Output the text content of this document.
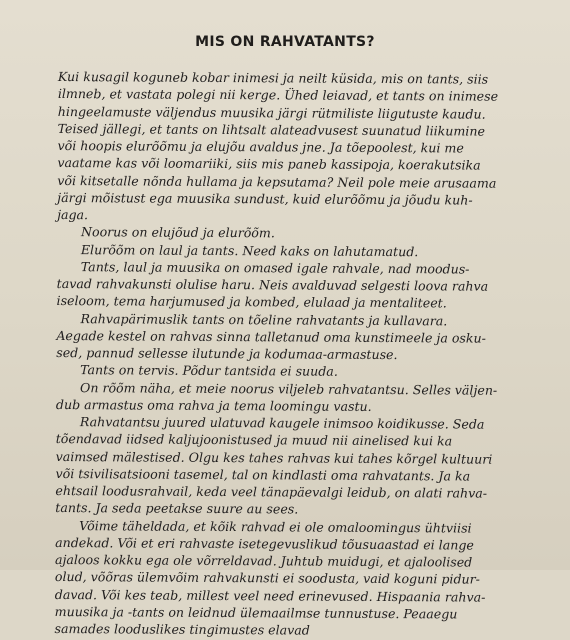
MIS ON RAHVATANTS?
Kui kusagil koguneb kobar inimesi ja neilt küsida, mis on tants, siis
ilmneb, et vastata polegi nii kerge. Ühed leiavad, et tants on inimese
hingeelamuste väljendus muusika järgi rütmiliste liigutuste kaudu.
Teised jällegi, et tants on lihtsalt alateadvusest suunatud liikumine
või hoopis elurõõmu ja elujõu avaldus jne. Ja tõepoolest, kui me
vaatame kas või loomariiki, siis mis paneb kassipoja, koerakutsika
või kitsetalle nõnda hullama ja kepsutama? Neil pole meie arusaama
järgi mõistust ega muusika sundust, kuid elurõõmu ja jõudu kuh-
jaga.
Noorus on elujõud ja elurõõm.
Elurõõm on laul ja tants. Need kaks on lahutamatud.
Tants, laul ja muusika on omased igale rahvale, nad moodus-
tavad rahvakunsti olulise haru. Neis avalduvad selgesti loova rahva
iseloom, tema harjumused ja kombed, elulaad ja mentaliteet.
Rahvapärimuslik tants on tõeline rahvatants ja kullavara.
Aegade kestel on rahvas sinna talletanud oma kunstimeele ja osku-
sed, pannud sellesse ilutunde ja kodumaa-armastuse.
Tants on tervis. Põdur tantsida ei suuda.
On rõõm näha, et meie noorus viljeleb rahvatantsu. Selles väljen-
dub armastus oma rahva ja tema loomingu vastu.
Rahvatantsu juured ulatuvad kaugele inimsoo koidikusse. Seda
tõendavad iidsed kaljujoonistused ja muud nii ainelised kui ka
vaimsed mälestised. Olgu kes tahes rahvas kui tahes kõrgel kultuuri
või tsivilisatsiooni tasemel, tal on kindlasti oma rahvatants. Ja ka
ehtsail loodusrahvail, keda veel tänapäevalgi leidub, on alati rahva-
tants. Ja seda peetakse suure au sees.
Võime täheldada, et kõik rahvad ei ole omaloomingus ühtviisi
andekad. Või et eri rahvaste isetegevuslikud tõusuaastad ei lange
ajaloos kokku ega ole võrreldavad. Juhtub muidugi, et ajaloolised
olud, võõras ülemvõim rahvakunsti ei soodusta, vaid koguni pidur-
davad. Või kes teab, millest veel need erinevused. Hispaania rahva-
muusika ja -tants on leidnud ülemaailmse tunnustuse. Peaaegu
samades looduslikes tingimustes elavad
